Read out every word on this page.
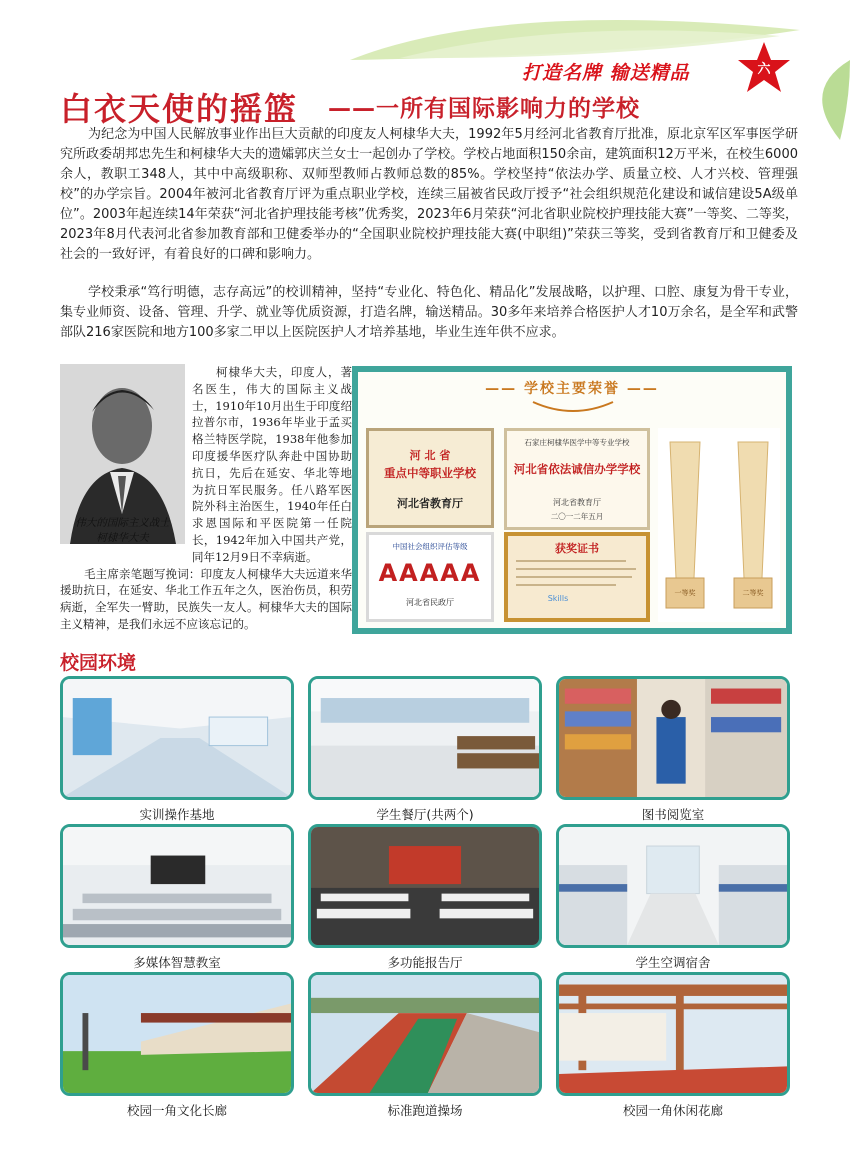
打造名牌 输送精品	六
白衣天使的摇篮 ——一所有国际影响力的学校

为纪念为中国人民解放事业作出巨大贡献的印度友人柯棣华大夫，1992年5月经河北省教育厅批准，原北京军区军事医学研究所政委胡邦忠先生和柯棣华大夫的遗孀郭庆兰女士一起创办了学校。学校占地面积150余亩，建筑面积12万平米，在校生6000余人，教职工348人，其中中高级职称、双师型教师占教师总数的85%。学校坚持“依法办学、质量立校、人才兴校、管理强校”的办学宗旨。2004年被河北省教育厅评为重点职业学校，连续三届被省民政厅授予“社会组织规范化建设和诚信建设5A级单位”。2003年起连续14年荣获“河北省护理技能考核”优秀奖，2023年6月荣获“河北省职业院校护理技能大赛”一等奖、二等奖，2023年8月代表河北省参加教育部和卫健委举办的“全国职业院校护理技能大赛(中职组)”荣获三等奖，受到省教育厅和卫健委及社会的一致好评，有着良好的口碑和影响力。

学校秉承“笃行明德，志存高远”的校训精神，坚持“专业化、特色化、精品化”发展战略，以护理、口腔、康复为骨干专业，集专业师资、设备、管理、升学、就业等优质资源，打造名牌，输送精品。30多年来培养合格医护人才10万余名，是全军和武警部队216家医院和地方100多家二甲以上医院医护人才培养基地，毕业生连年供不应求。

柯棣华大夫，印度人，著名医生，伟大的国际主义战士，1910年10月出生于印度绍拉普尔市，1936年毕业于孟买格兰特医学院，1938年他参加印度援华医疗队奔赴中国协助抗日，先后在延安、华北等地为抗日军民服务。任八路军医院外科主治医生，1940年任白求恩国际和平医院第一任院长，1942年加入中国共产党，同年12月9日不幸病逝。

毛主席亲笔题写挽词：印度友人柯棣华大夫远道来华援助抗日，在延安、华北工作五年之久，医治伤员，积劳病逝，全军失一臂助，民族失一友人。柯棣华大夫的国际主义精神，是我们永远不应该忘记的。

伟大的国际主义战士
柯棣华大夫
—— 学校主要荣誉 ——
河 北 省
重点中等职业学校
河北省教育厅
石家庄柯棣华医学中等专业学校
河北省依法诚信办学学校
河北省教育厅
二〇一二年五月
中国社会组织评估等级
AAAAA
河北省民政厅
获奖证书
Skills
一等奖	二等奖
校园环境
实训操作基地	学生餐厅(共两个)	图书阅览室
多媒体智慧教室	多功能报告厅	学生空调宿舍
校园一角文化长廊	标准跑道操场	校园一角休闲花廊
